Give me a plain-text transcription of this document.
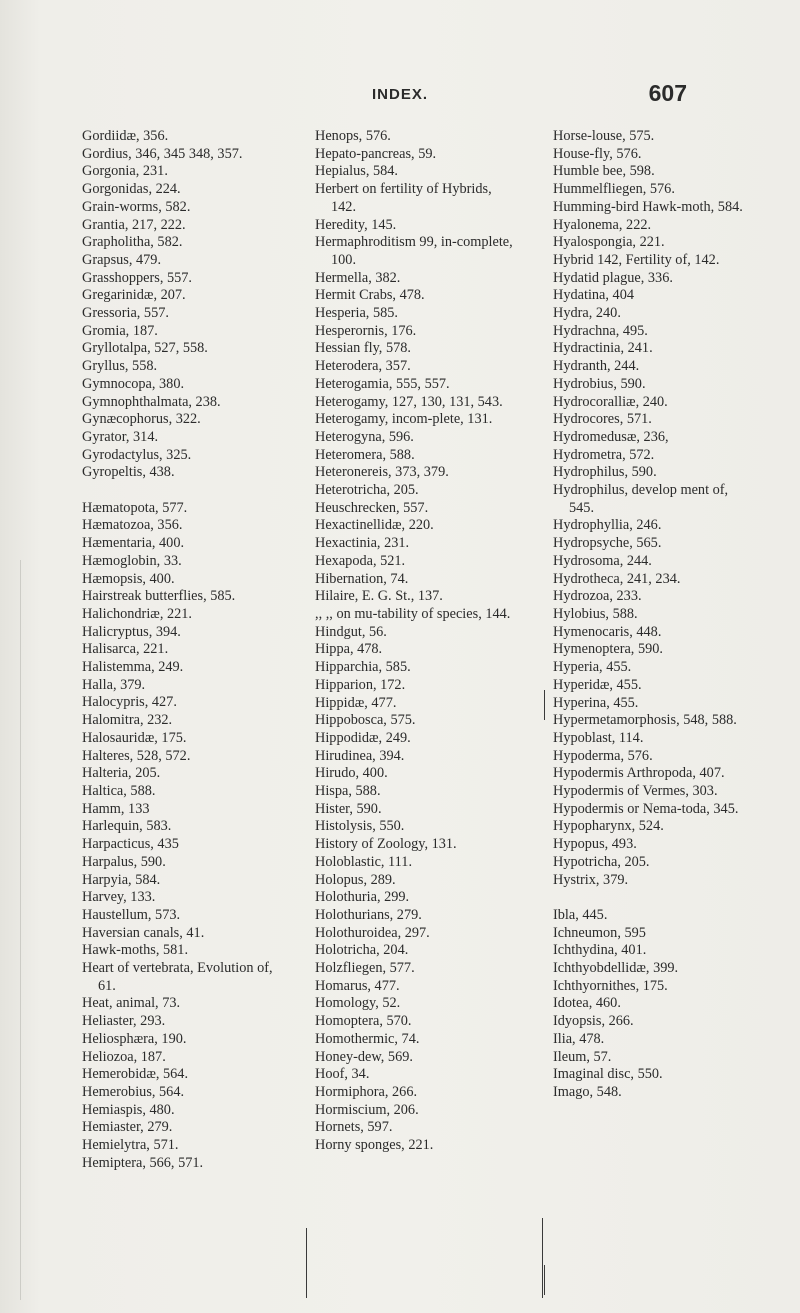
INDEX.	607
Gordiidæ, 356.
Gordius, 346, 345 348, 357.
Gorgonia, 231.
Gorgonidas, 224.
Grain-worms, 582.
Grantia, 217, 222.
Grapholitha, 582.
Grapsus, 479.
Grasshoppers, 557.
Gregarinidæ, 207.
Gressoria, 557.
Gromia, 187.
Gryllotalpa, 527, 558.
Gryllus, 558.
Gymnocopa, 380.
Gymnophthalmata, 238.
Gynæcophorus, 322.
Gyrator, 314.
Gyrodactylus, 325.
Gyropeltis, 438.
Hæmatopota, 577.
Hæmatozoa, 356.
Hæmentaria, 400.
Hæmoglobin, 33.
Hæmopsis, 400.
Hairstreak butterflies, 585.
Halichondriæ, 221.
Halicryptus, 394.
Halisarca, 221.
Halistemma, 249.
Halla, 379.
Halocypris, 427.
Halomitra, 232.
Halosauridæ, 175.
Halteres, 528, 572.
Halteria, 205.
Haltica, 588.
Hamm, 133
Harlequin, 583.
Harpacticus, 435
Harpalus, 590.
Harpyia, 584.
Harvey, 133.
Haustellum, 573.
Haversian canals, 41.
Hawk-moths, 581.
Heart of vertebrata, Evolution of, 61.
Heat, animal, 73.
Heliaster, 293.
Heliosphæra, 190.
Heliozoa, 187.
Hemerobidæ, 564.
Hemerobius, 564.
Hemiaspis, 480.
Hemiaster, 279.
Hemielytra, 571.
Hemiptera, 566, 571.
Henops, 576.
Hepato-pancreas, 59.
Hepialus, 584.
Herbert on fertility of Hybrids, 142.
Heredity, 145.
Hermaphroditism 99, in-complete, 100.
Hermella, 382.
Hermit Crabs, 478.
Hesperia, 585.
Hesperornis, 176.
Hessian fly, 578.
Heterodera, 357.
Heterogamia, 555, 557.
Heterogamy, 127, 130, 131, 543.
Heterogamy, incom-plete, 131.
Heterogyna, 596.
Heteromera, 588.
Heteronereis, 373, 379.
Heterotricha, 205.
Heuschrecken, 557.
Hexactinellidæ, 220.
Hexactinia, 231.
Hexapoda, 521.
Hibernation, 74.
Hilaire, E. G. St., 137.
,, ,, on mu-tability of species, 144.
Hindgut, 56.
Hippa, 478.
Hipparchia, 585.
Hipparion, 172.
Hippidæ, 477.
Hippobosca, 575.
Hippodidæ, 249.
Hirudinea, 394.
Hirudo, 400.
Hispa, 588.
Hister, 590.
Histolysis, 550.
History of Zoology, 131.
Holoblastic, 111.
Holopus, 289.
Holothuria, 299.
Holothurians, 279.
Holothuroidea, 297.
Holotricha, 204.
Holzfliegen, 577.
Homarus, 477.
Homology, 52.
Homoptera, 570.
Homothermic, 74.
Honey-dew, 569.
Hoof, 34.
Hormiphora, 266.
Hormiscium, 206.
Hornets, 597.
Horny sponges, 221.
Horse-louse, 575.
House-fly, 576.
Humble bee, 598.
Hummelfliegen, 576.
Humming-bird Hawk-moth, 584.
Hyalonema, 222.
Hyalospongia, 221.
Hybrid 142, Fertility of, 142.
Hydatid plague, 336.
Hydatina, 404
Hydra, 240.
Hydrachna, 495.
Hydractinia, 241.
Hydranth, 244.
Hydrobius, 590.
Hydrocoralliæ, 240.
Hydrocores, 571.
Hydromedusæ, 236,
Hydrometra, 572.
Hydrophilus, 590.
Hydrophilus, develop ment of, 545.
Hydrophyllia, 246.
Hydropsyche, 565.
Hydrosoma, 244.
Hydrotheca, 241, 234.
Hydrozoa, 233.
Hylobius, 588.
Hymenocaris, 448.
Hymenoptera, 590.
Hyperia, 455.
Hyperidæ, 455.
Hyperina, 455.
Hypermetamorphosis, 548, 588.
Hypoblast, 114.
Hypoderma, 576.
Hypodermis Arthropoda, 407.
Hypodermis of Vermes, 303.
Hypodermis or Nema-toda, 345.
Hypopharynx, 524.
Hypopus, 493.
Hypotricha, 205.
Hystrix, 379.
Ibla, 445.
Ichneumon, 595
Ichthydina, 401.
Ichthyobdellidæ, 399.
Ichthyornithes, 175.
Idotea, 460.
Idyopsis, 266.
Ilia, 478.
Ileum, 57.
Imaginal disc, 550.
Imago, 548.
